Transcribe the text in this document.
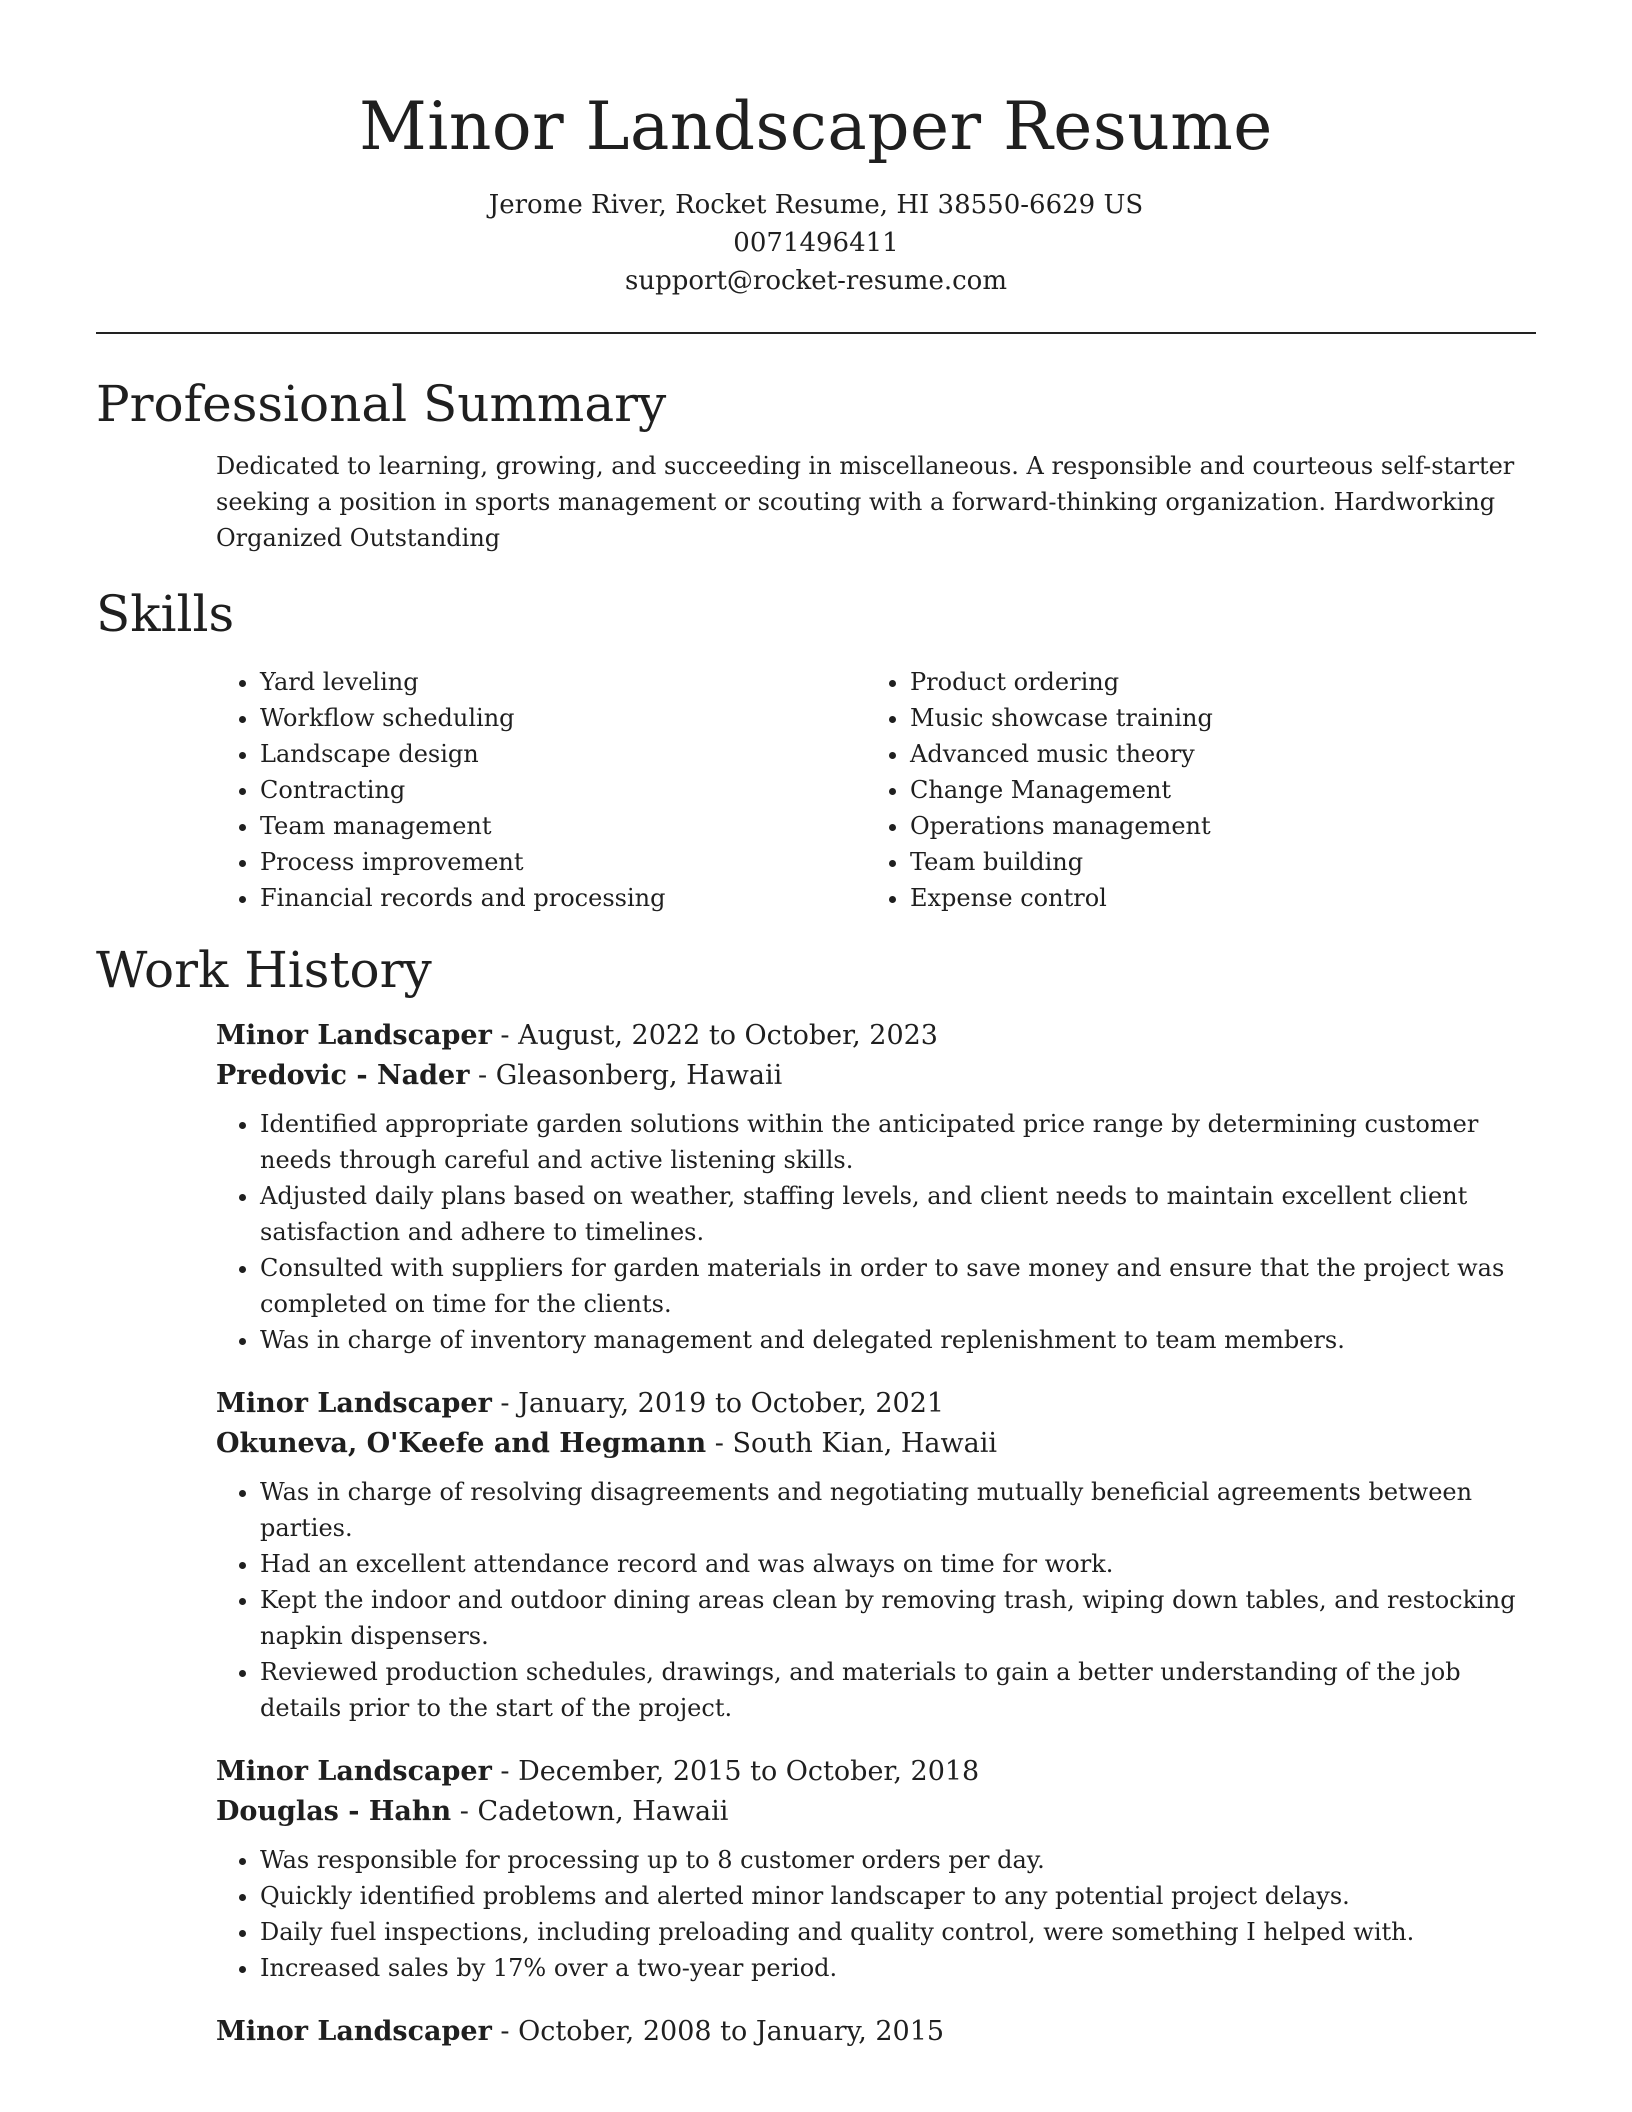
Minor Landscaper Resume
Jerome River, Rocket Resume, HI 38550-6629 US
0071496411
support@rocket-resume.com
Professional Summary

Dedicated to learning, growing, and succeeding in miscellaneous. A responsible and courteous self-starter seeking a position in sports management or scouting with a forward-thinking organization. Hardworking Organized Outstanding

Skills
• Yard leveling
• Workflow scheduling
• Landscape design
• Contracting
• Team management
• Process improvement
• Financial records and processing
• Product ordering
• Music showcase training
• Advanced music theory
• Change Management
• Operations management
• Team building
• Expense control
Work History
Minor Landscaper - August, 2022 to October, 2023
Predovic - Nader - Gleasonberg, Hawaii
• Identified appropriate garden solutions within the anticipated price range by determining customer needs through careful and active listening skills.
• Adjusted daily plans based on weather, staffing levels, and client needs to maintain excellent client satisfaction and adhere to timelines.
• Consulted with suppliers for garden materials in order to save money and ensure that the project was completed on time for the clients.
• Was in charge of inventory management and delegated replenishment to team members.
Minor Landscaper - January, 2019 to October, 2021
Okuneva, O'Keefe and Hegmann - South Kian, Hawaii
• Was in charge of resolving disagreements and negotiating mutually beneficial agreements between parties.
• Had an excellent attendance record and was always on time for work.
• Kept the indoor and outdoor dining areas clean by removing trash, wiping down tables, and restocking napkin dispensers.
• Reviewed production schedules, drawings, and materials to gain a better understanding of the job details prior to the start of the project.
Minor Landscaper - December, 2015 to October, 2018
Douglas - Hahn - Cadetown, Hawaii
• Was responsible for processing up to 8 customer orders per day.
• Quickly identified problems and alerted minor landscaper to any potential project delays.
• Daily fuel inspections, including preloading and quality control, were something I helped with.
• Increased sales by 17% over a two-year period.
Minor Landscaper - October, 2008 to January, 2015
